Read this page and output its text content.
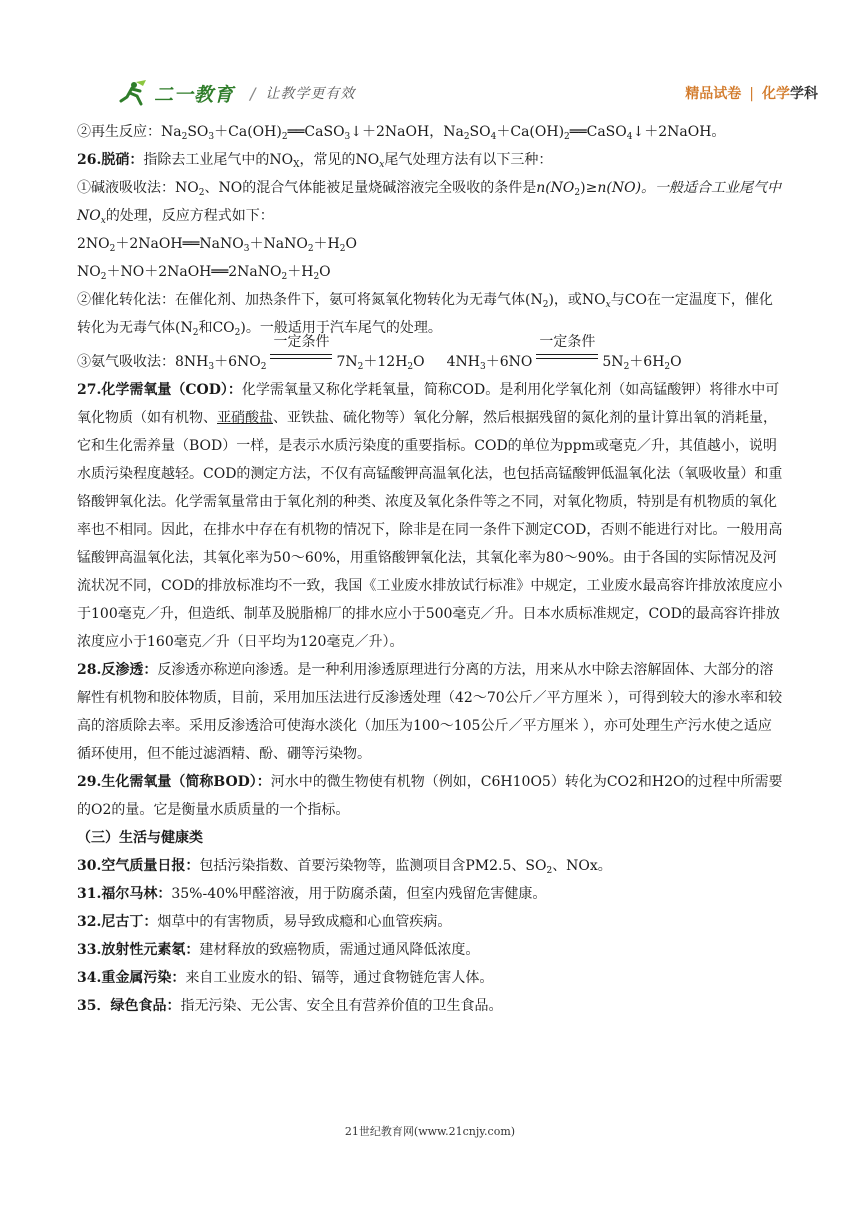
二一教育 / 让教学更有效	精品试卷 | 化学学科

②再生反应：$Na_2SO_3+Ca(OH)_2══CaSO_3↓+2NaOH$，$Na_2SO_4+Ca(OH)_2══CaSO_4↓+2NaOH$。

26.脱硝：指除去工业尾气中的$NO_X$，常见的$NO_x$尾气处理方法有以下三种：

①碱液吸收法：$NO_2$、NO的混合气体能被足量烧碱溶液完全吸收的条件是$n(NO_2)\ge n(NO)$。一般适合工业尾气中$NO_x$的处理，反应方程式如下：

$2NO_2+2NaOH══NaNO_3+NaNO_2+H_2O$

$NO_2+NO+2NaOH══2NaNO_2+H_2O$

②催化转化法：在催化剂、加热条件下，氨可将氮氧化物转化为无毒气体$(N_2)$，或$NO_x$与CO在一定温度下，催化转化为无毒气体($N_2$和$CO_2$)。一般适用于汽车尾气的处理。

③氨气吸收法：$8NH_3+6NO_2$
一定条件
$7N_2+12H_2O$ $4NH_3+6NO$
一定条件
$5N_2+6H_2O$

27.化学需氧量（COD）：化学需氧量又称化学耗氧量，简称COD。是利用化学氧化剂（如高锰酸钾）将徘水中可氧化物质（如有机物、亚硝酸盐、亚铁盐、硫化物等）氧化分解，然后根据残留的氮化剂的量计算出氧的消耗量，它和生化需养量（BOD）一样，是表示水质污染度的重要指标。COD的单位为ppm或毫克／升，其值越小，说明水质污染程度越轻。COD的测定方法，不仅有高锰酸钾高温氧化法，也包括高锰酸钾低温氧化法（氧吸收量）和重铬酸钾氧化法。化学需氧量常由于氧化剂的种类、浓度及氧化条件等之不同，对氧化物质，特别是有机物质的氧化率也不相同。因此，在排水中存在有机物的情况下，除非是在同一条件下测定COD，否则不能进行对比。一般用高锰酸钾高温氧化法，其氧化率为50～60%，用重铬酸钾氧化法，其氧化率为80～90%。由于各国的实际情况及河流状况不同，COD的排放标准均不一致，我国《工业废水排放试行标准》中规定，工业废水最高容许排放浓度应小于100毫克／升，但造纸、制革及脱脂棉厂的排水应小于500毫克／升。日本水质标准规定，COD的最高容许排放浓度应小于160毫克／升（日平均为120毫克／升）。

28.反渗透：反渗透亦称逆向渗透。是一种利用渗透原理进行分离的方法，用来从水中除去溶解固体、大部分的溶解性有机物和胶体物质，目前，采用加压法进行反渗透处理（42～70公斤／平方厘米 ），可得到较大的渗水率和较高的溶质除去率。采用反渗透洽可使海水淡化（加压为100～105公斤／平方厘米 ），亦可处理生产污水使之适应循环使用，但不能过滤酒精、酚、硼等污染物。

29.生化需氧量（简称BOD）：河水中的微生物使有机物（例如，C6H10O5）转化为CO2和H2O的过程中所需要的O2的量。它是衡量水质质量的一个指标。

（三）生活与健康类

30.空气质量日报：包括污染指数、首要污染物等，监测项目含PM2.5、$SO_2$、NOx。

31.福尔马林：35%-40%甲醛溶液，用于防腐杀菌，但室内残留危害健康。

32.尼古丁：烟草中的有害物质，易导致成瘾和心血管疾病。

33.放射性元素氡：建材释放的致癌物质，需通过通风降低浓度。

34.重金属污染：来自工业废水的铅、镉等，通过食物链危害人体。

35．绿色食品：指无污染、无公害、安全且有营养价值的卫生食品。

21世纪教育网(www.21cnjy.com)
